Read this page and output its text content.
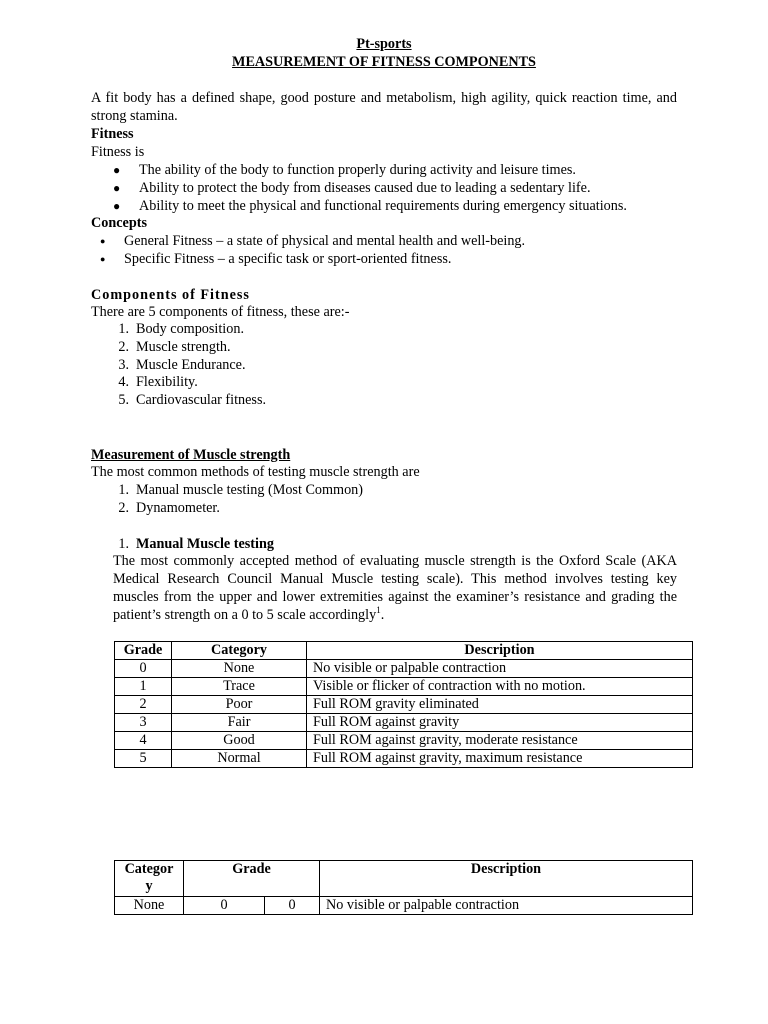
Pt-sports
MEASUREMENT OF FITNESS COMPONENTS
A fit body has a defined shape, good posture and metabolism, high agility, quick reaction time, and strong stamina.
Fitness
Fitness is
● The ability of the body to function properly during activity and leisure times.
● Ability to protect the body from diseases caused due to leading a sedentary life.
● Ability to meet the physical and functional requirements during emergency situations.
Concepts
● General Fitness – a state of physical and mental health and well-being.
● Specific Fitness – a specific task or sport-oriented fitness.
Components of Fitness
There are 5 components of fitness, these are:-
1. Body composition.
2. Muscle strength.
3. Muscle Endurance.
4. Flexibility.
5. Cardiovascular fitness.
Measurement of Muscle strength
The most common methods of testing muscle strength are
1. Manual muscle testing (Most Common)
2. Dynamometer.
1. Manual Muscle testing
The most commonly accepted method of evaluating muscle strength is the Oxford Scale (AKA Medical Research Council Manual Muscle testing scale). This method involves testing key muscles from the upper and lower extremities against the examiner’s resistance and grading the patient’s strength on a 0 to 5 scale accordingly$^1$.
Grade	Category	Description
0	None	No visible or palpable contraction
1	Trace	Visible or flicker of contraction with no motion.
2	Poor	Full ROM gravity eliminated
3	Fair	Full ROM against gravity
4	Good	Full ROM against gravity, moderate resistance
5	Normal	Full ROM against gravity, maximum resistance
Categor y	Grade		Description
None	0	0	No visible or palpable contraction
